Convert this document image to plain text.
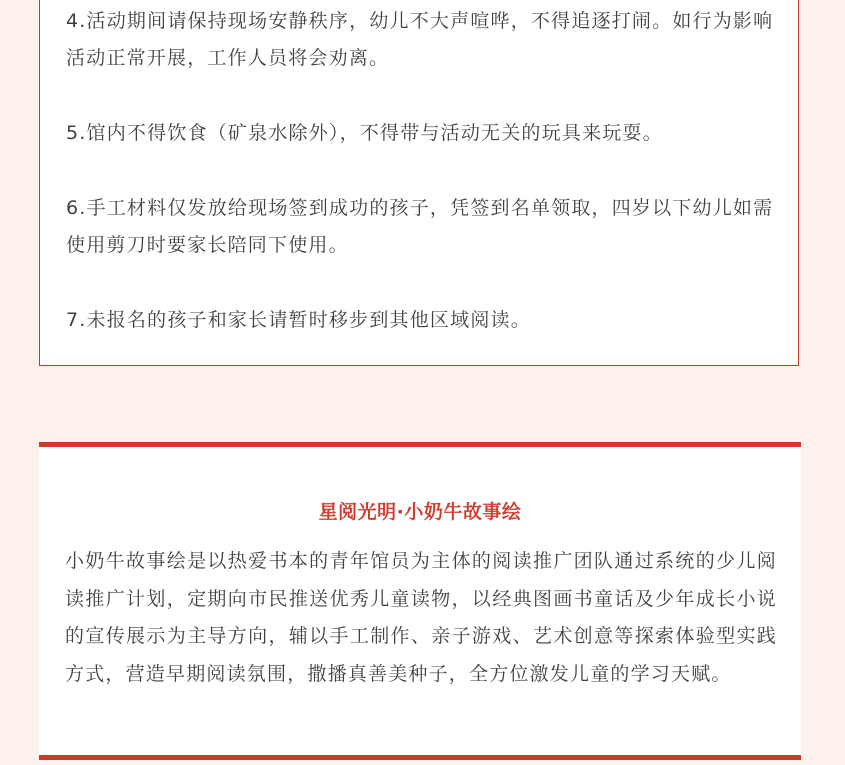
4.活动期间请保持现场安静秩序，幼儿不大声喧哗，不得追逐打闹。如行为影响活动正常开展，工作人员将会劝离。

5.馆内不得饮食（矿泉水除外），不得带与活动无关的玩具来玩耍。

6.手工材料仅发放给现场签到成功的孩子，凭签到名单领取，四岁以下幼儿如需使用剪刀时要家长陪同下使用。

7.未报名的孩子和家长请暂时移步到其他区域阅读。

星阅光明·小奶牛故事绘

小奶牛故事绘是以热爱书本的青年馆员为主体的阅读推广团队通过系统的少儿阅读推广计划，定期向市民推送优秀儿童读物，以经典图画书童话及少年成长小说的宣传展示为主导方向，辅以手工制作、亲子游戏、艺术创意等探索体验型实践方式，营造早期阅读氛围，撒播真善美种子，全方位激发儿童的学习天赋。
